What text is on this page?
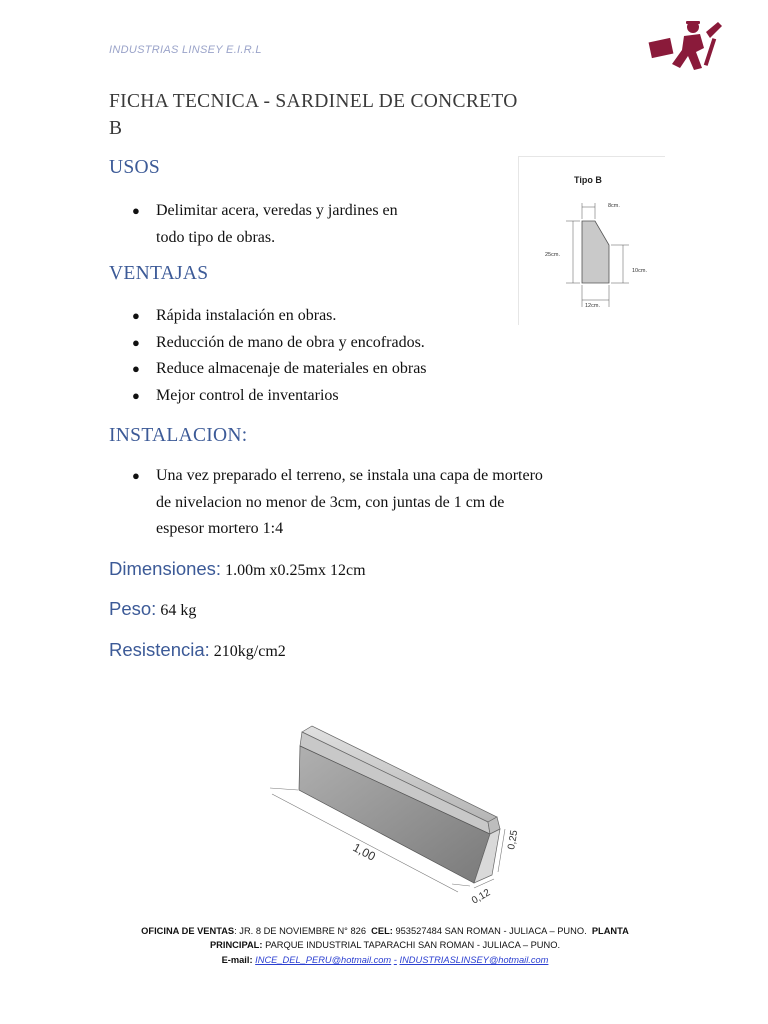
INDUSTRIAS LINSEY E.I.R.L
FICHA TECNICA - SARDINEL DE CONCRETO
B
USOS
● Delimitar acera, veredas y jardines en
todo tipo de obras.
VENTAJAS
● Rápida instalación en obras.
● Reducción de mano de obra y encofrados.
● Reduce almacenaje de materiales en obras
● Mejor control de inventarios
INSTALACION:
● Una vez preparado el terreno, se instala una capa de mortero
de nivelacion no menor de 3cm, con juntas de 1 cm de
espesor mortero 1:4
Dimensiones: 1.00m x0.25mx 12cm
Peso: 64 kg
Resistencia: 210kg/cm2
Tipo B
8cm.
25cm.
10cm.
12cm.
1,00
0,25
0,12
OFICINA DE VENTAS: JR. 8 DE NOVIEMBRE N° 826 CEL: 953527484 SAN ROMAN - JULIACA – PUNO. PLANTA
PRINCIPAL: PARQUE INDUSTRIAL TAPARACHI SAN ROMAN - JULIACA – PUNO.
E-mail: INCE_DEL_PERU@hotmail.com - INDUSTRIASLINSEY@hotmail.com
